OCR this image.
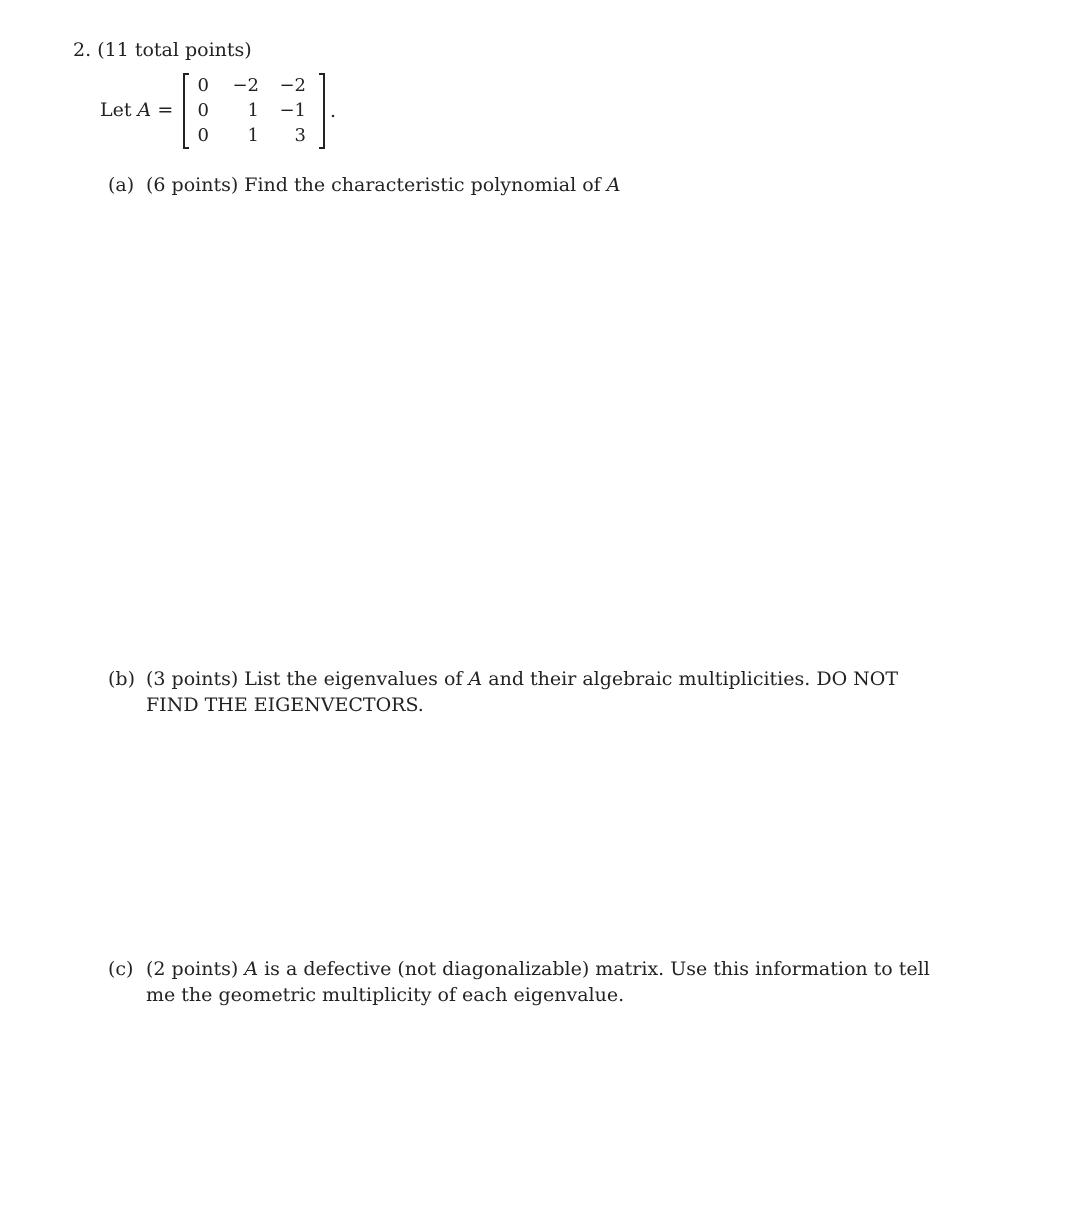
2. (11 total points)
Let A =
0	−2	−2
0	1	−1
0	1	3
.
(a) (6 points) Find the characteristic polynomial of A
(b) (3 points) List the eigenvalues of A and their algebraic multiplicities. DO NOT FIND THE EIGENVECTORS.
(c) (2 points) A is a defective (not diagonalizable) matrix. Use this information to tell me the geometric multiplicity of each eigenvalue.
